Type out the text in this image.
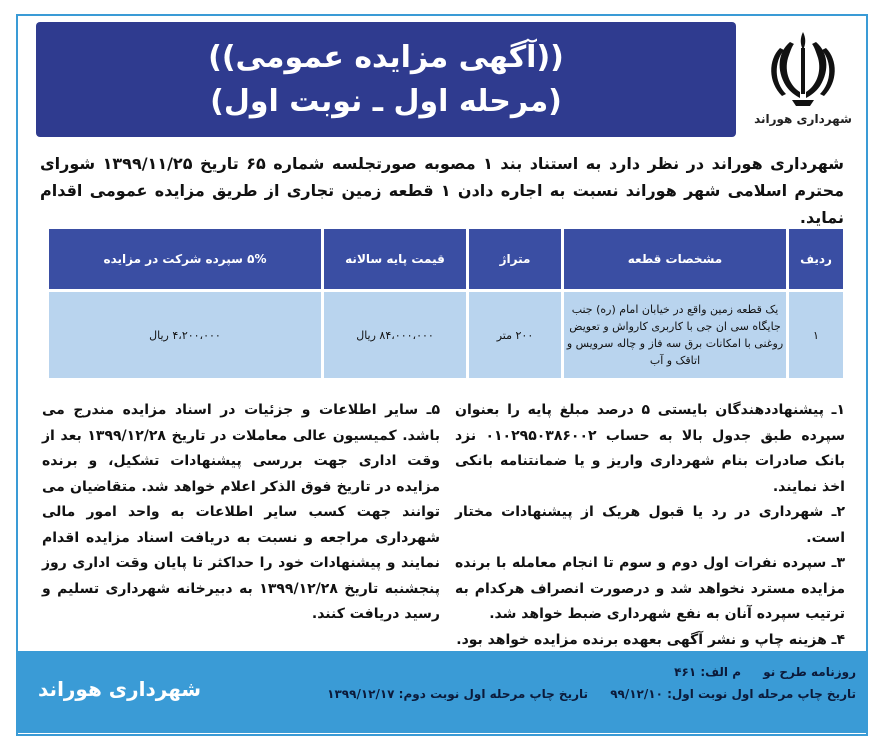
((آگهی مزایده عمومی))
(مرحله اول ـ نوبت اول)	شهرداری هوراند
شهرداری هوراند در نظر دارد به استناد بند ۱ مصوبه صورتجلسه شماره ۶۵ تاریخ ۱۳۹۹/۱۱/۲۵ شورای محترم اسلامی شهر هوراند نسبت به اجاره دادن ۱ قطعه زمین تجاری از طریق مزایده عمومی اقدام نماید.
ردیف	مشخصات قطعه	متراژ	قیمت پایه سالانه	۵% سپرده شرکت در مزایده
۱	یک قطعه زمین واقع در خیابان امام (ره) جنب جایگاه سی ان جی با کاربری کارواش و تعویض روغنی با امکانات برق سه فاز و چاله سرویس و اتاقک و آب	۲۰۰ متر	۸۴،۰۰۰،۰۰۰ ریال	۴،۲۰۰،۰۰۰ ریال

۱ـ پیشنهاددهندگان بایستی ۵ درصد مبلغ پایه را بعنوان سپرده طبق جدول بالا به حساب ۰۱۰۲۹۵۰۳۸۶۰۰۲ نزد بانک صادرات بنام شهرداری واریز و یا ضمانتنامه بانکی اخذ نمایند.

۲ـ شهرداری در رد یا قبول هریک از پیشنهادات مختار است.

۳ـ سپرده نفرات اول دوم و سوم تا انجام معامله با برنده مزایده مسترد نخواهد شد و درصورت انصراف هرکدام به ترتیب سپرده آنان به نفع شهرداری ضبط خواهد شد.

۴ـ هزینه چاپ و نشر آگهی بعهده برنده مزایده خواهد بود.

۵ـ سایر اطلاعات و جزئیات در اسناد مزایده مندرج می باشد. کمیسیون عالی معاملات در تاریخ ۱۳۹۹/۱۲/۲۸ بعد از وقت اداری جهت بررسی پیشنهادات تشکیل، و برنده مزایده در تاریخ فوق الذکر اعلام خواهد شد. متقاضیان می توانند جهت کسب سایر اطلاعات به واحد امور مالی شهرداری مراجعه و نسبت به دریافت اسناد مزایده اقدام نمایند و پیشنهادات خود را حداکثر تا پایان وقت اداری روز پنجشنبه تاریخ ۱۳۹۹/۱۲/۲۸ به دبیرخانه شهرداری تسلیم و رسید دریافت کنند.

شهرداری هوراند
روزنامه طرح نو م الف: ۴۶۱
تاریخ چاپ مرحله اول نوبت اول: ۹۹/۱۲/۱۰ تاریخ چاپ مرحله اول نوبت دوم: ۱۳۹۹/۱۲/۱۷
